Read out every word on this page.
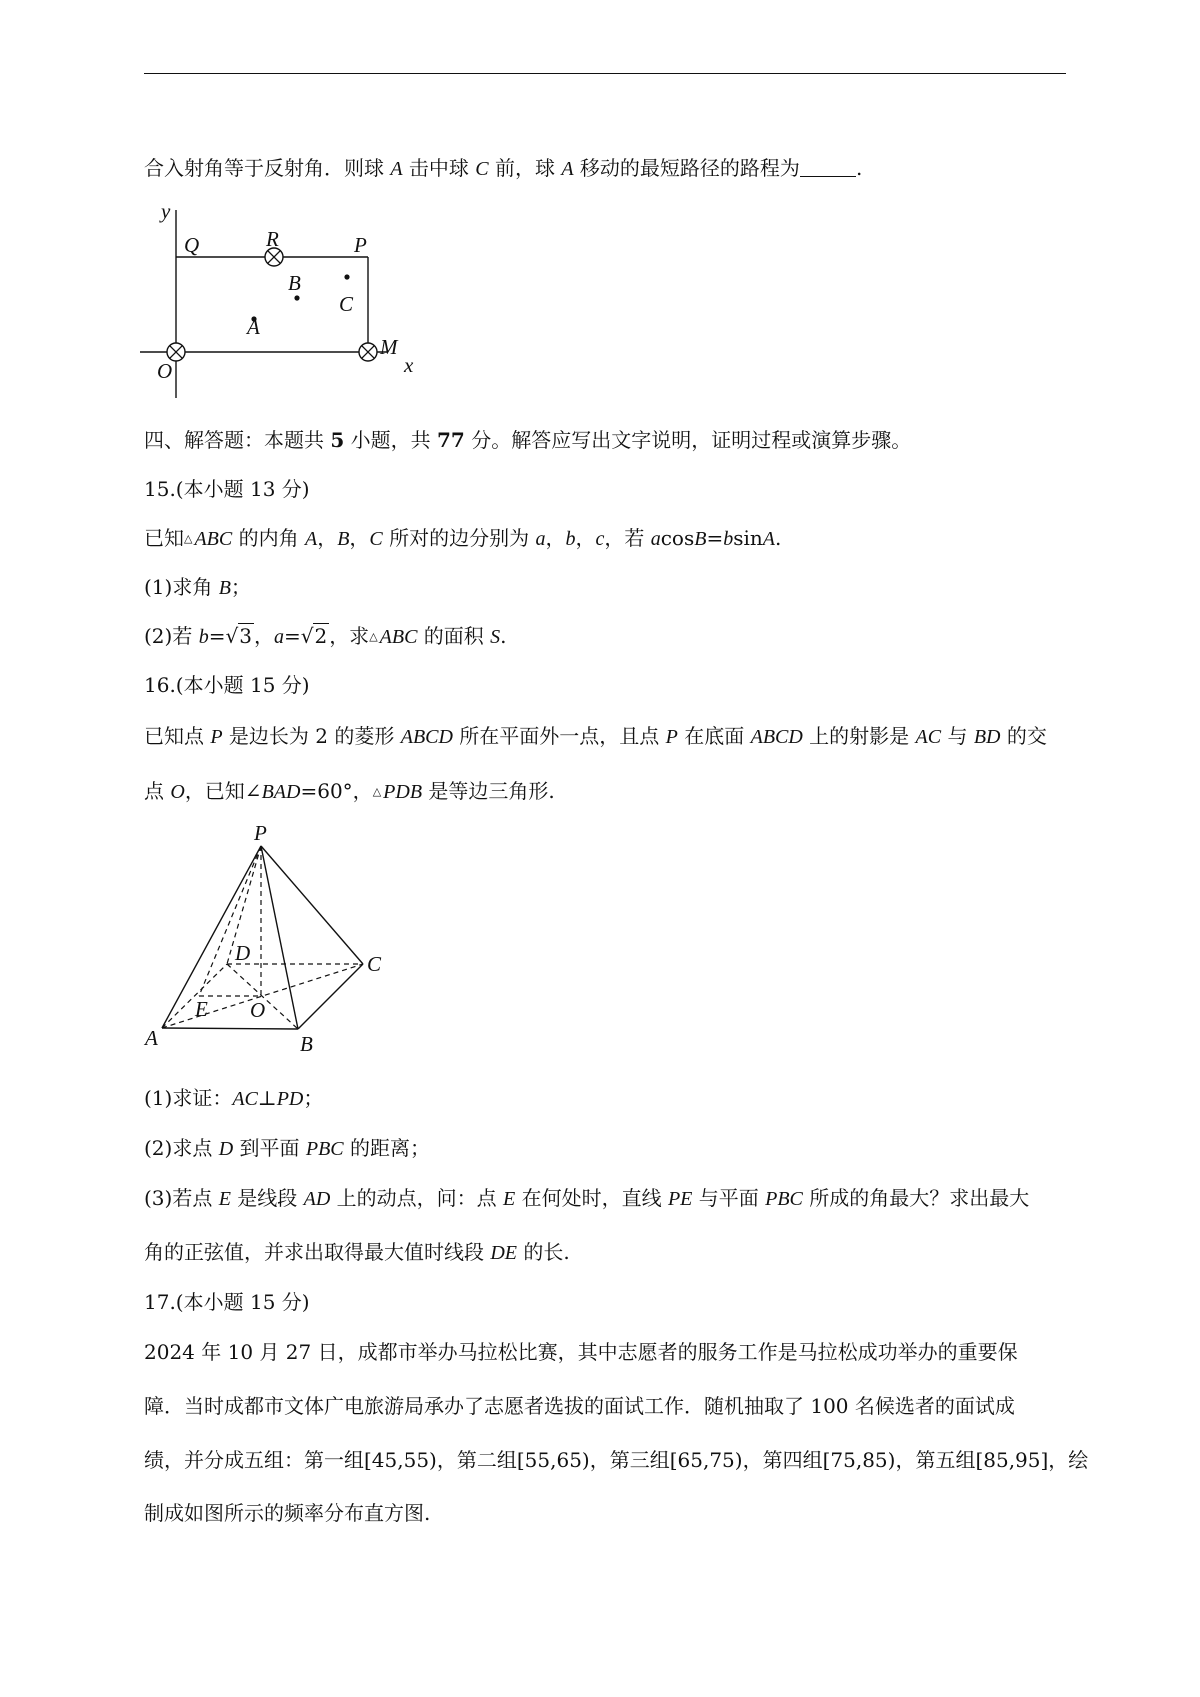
合入射角等于反射角．则球 A 击中球 C 前，球 A 移动的最短路径的路程为	.
y
Q	R	P
B
C
A
O
M
x
四、解答题：本题共 5 小题，共 77 分。解答应写出文字说明，证明过程或演算步骤。
15.(本小题 13 分)
已知△ ABC 的内角 A，B，C 所对的边分别为 a，b，c，若 acosB=bsinA.
(1)求角 B；
(2)若 b=√3 ，a=√2 ，求△ ABC 的面积 S.
16.(本小题 15 分)
已知点 P 是边长为 2 的菱形 ABCD 所在平面外一点，且点 P 在底面 ABCD 上的射影是 AC 与 BD 的交
点 O，已知∠BAD=60°，△ PDB 是等边三角形.
P
D	C
E O
A	B
(1)求证：AC⊥PD；
(2)求点 D 到平面 PBC 的距离；
(3)若点 E 是线段 AD 上的动点，问：点 E 在何处时，直线 PE 与平面 PBC 所成的角最大？求出最大
角的正弦值，并求出取得最大值时线段 DE 的长.
17.(本小题 15 分)
2024 年 10 月 27 日，成都市举办马拉松比赛，其中志愿者的服务工作是马拉松成功举办的重要保
障．当时成都市文体广电旅游局承办了志愿者选拔的面试工作．随机抽取了 100 名候选者的面试成
绩，并分成五组：第一组[45,55)，第二组[55,65)，第三组[65,75)，第四组[75,85)，第五组[85,95]，绘
制成如图所示的频率分布直方图.
